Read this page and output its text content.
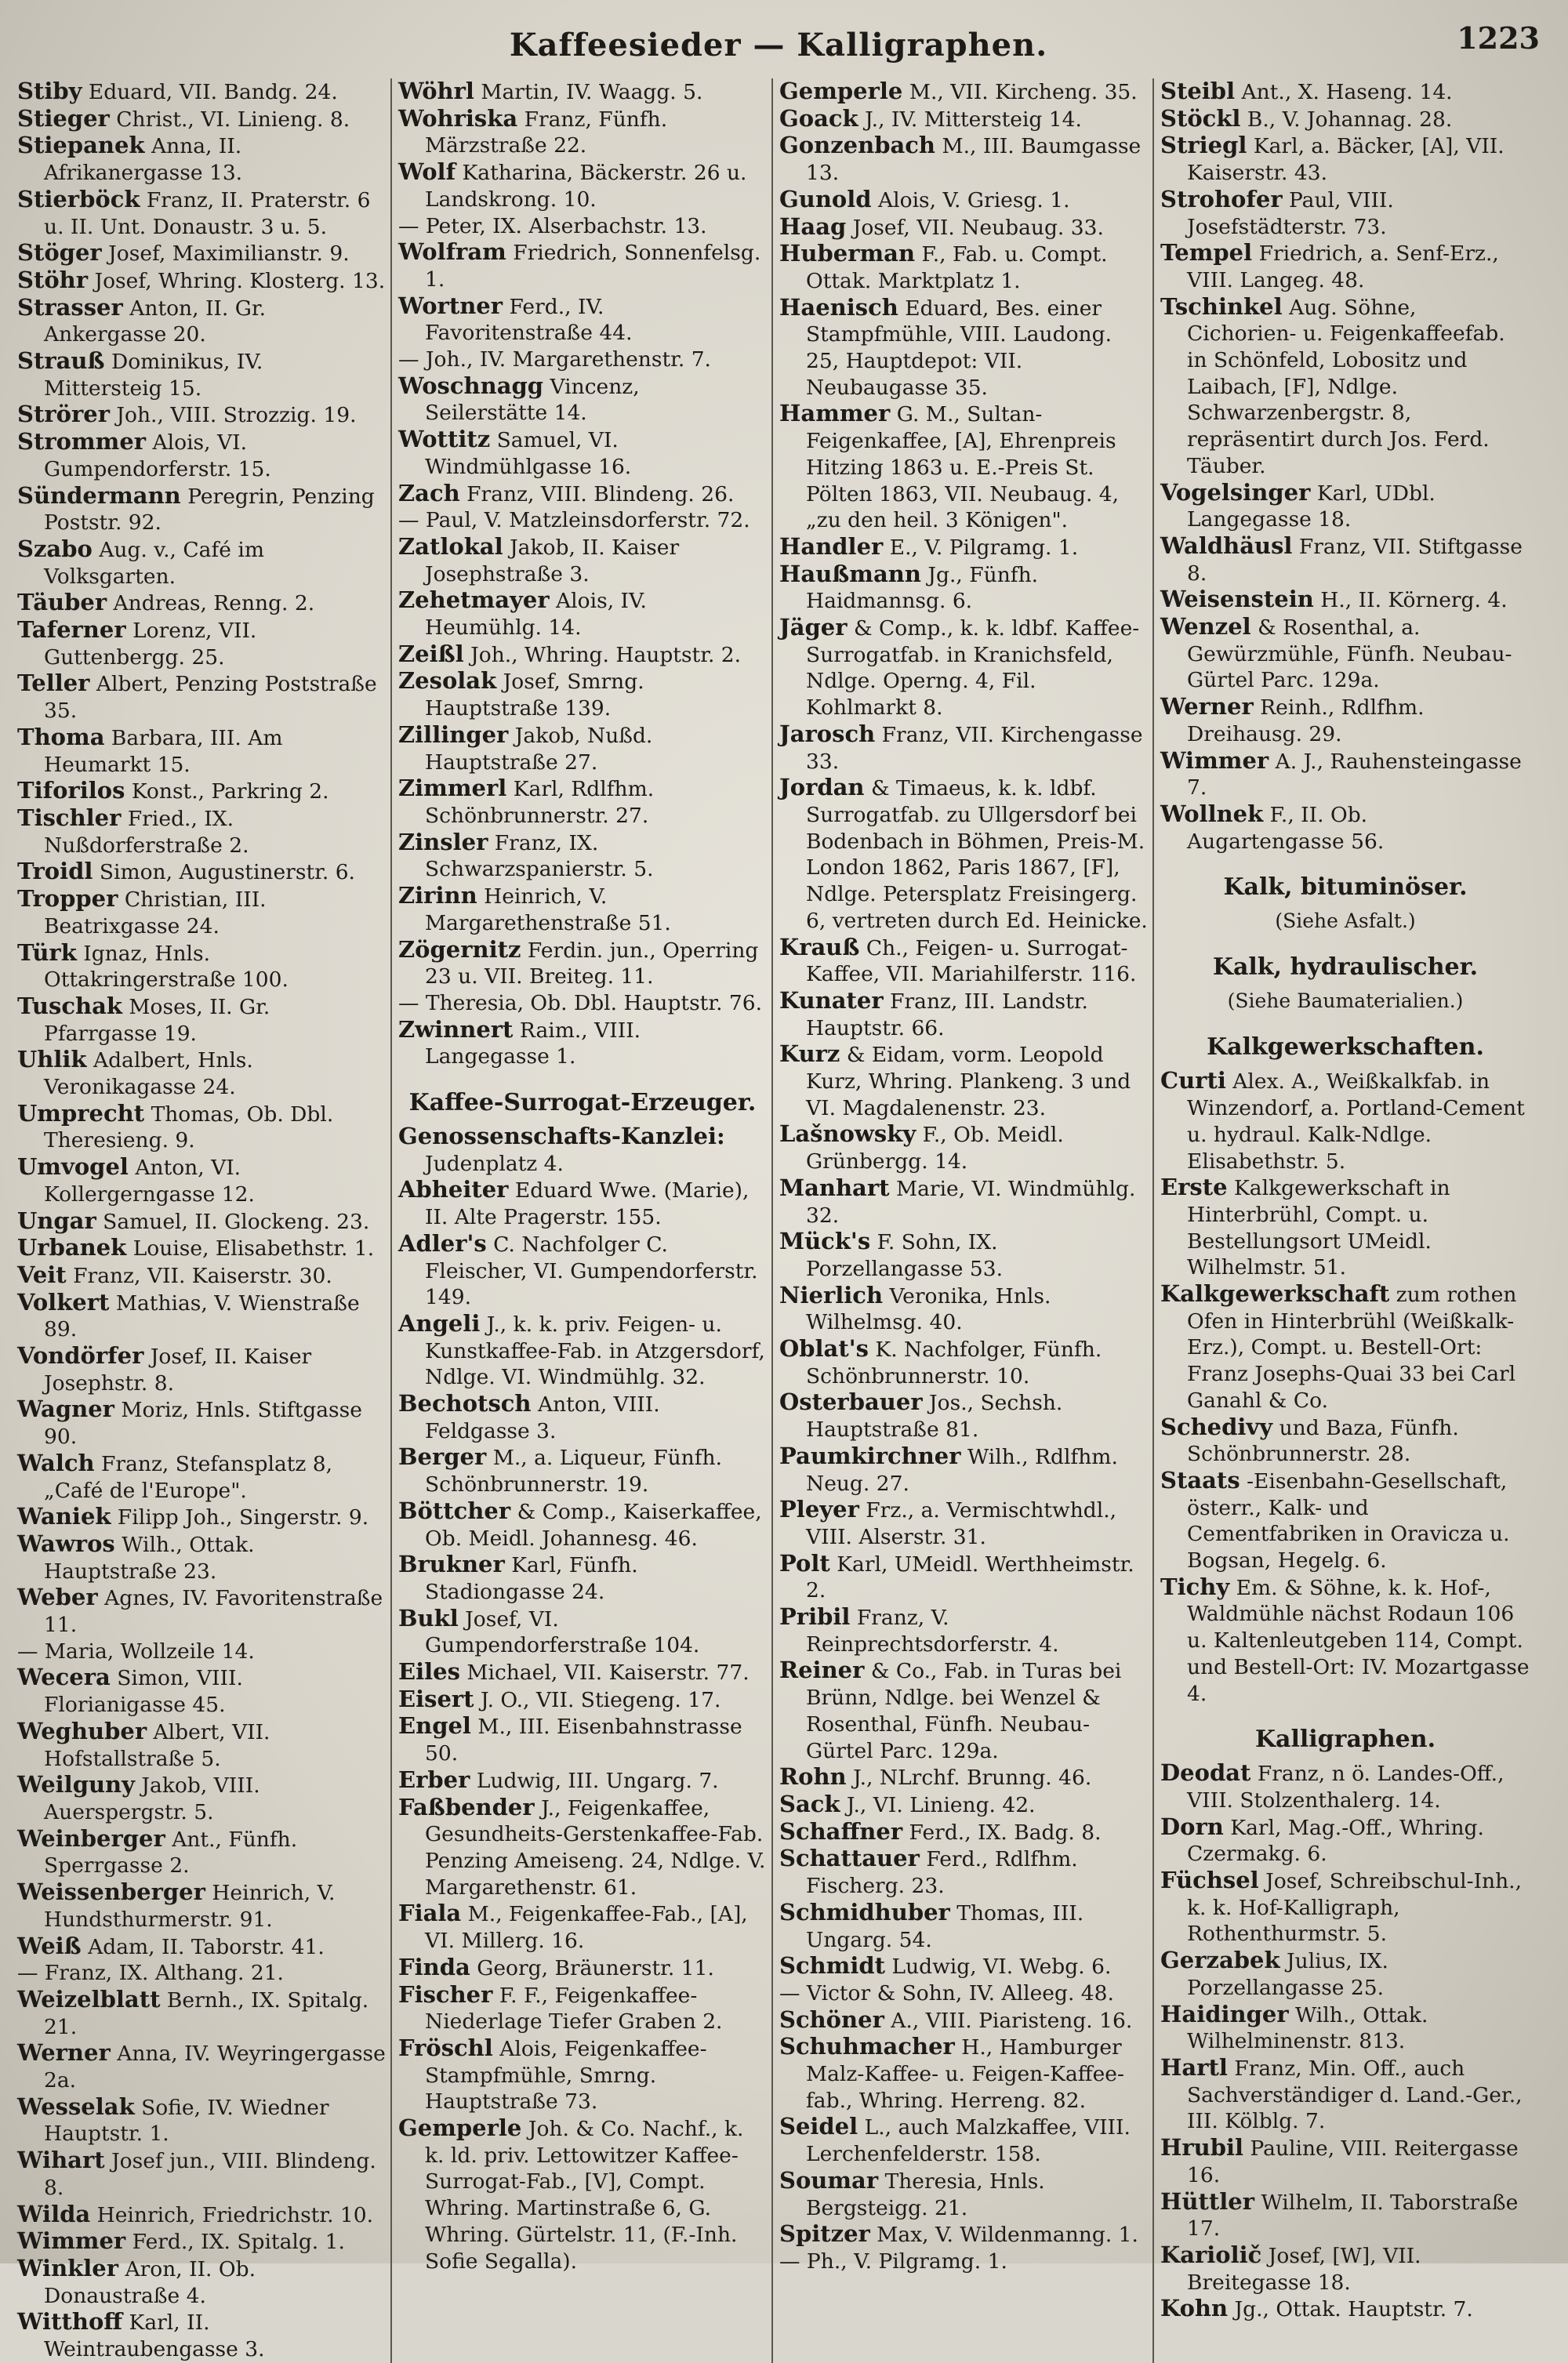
Kaffeesieder — Kalligraphen.	1223

Stiby Eduard, VII. Bandg. 24.

Stieger Christ., VI. Linieng. 8.

Stiepanek Anna, II. Afrikanergasse 13.

Stierböck Franz, II. Praterstr. 6 u. II. Unt. Donaustr. 3 u. 5.

Stöger Josef, Maximilianstr. 9.

Stöhr Josef, Whring. Klosterg. 13.

Strasser Anton, II. Gr. Ankergasse 20.

Strauß Dominikus, IV. Mittersteig 15.

Strörer Joh., VIII. Strozzig. 19.

Strommer Alois, VI. Gumpendorferstr. 15.

Sündermann Peregrin, Penzing Poststr. 92.

Szabo Aug. v., Café im Volksgarten.

Täuber Andreas, Renng. 2.

Taferner Lorenz, VII. Guttenbergg. 25.

Teller Albert, Penzing Poststraße 35.

Thoma Barbara, III. Am Heumarkt 15.

Tiforilos Konst., Parkring 2.

Tischler Fried., IX. Nußdorferstraße 2.

Troidl Simon, Augustinerstr. 6.

Tropper Christian, III. Beatrixgasse 24.

Türk Ignaz, Hnls. Ottakringerstraße 100.

Tuschak Moses, II. Gr. Pfarrgasse 19.

Uhlik Adalbert, Hnls. Veronikagasse 24.

Umprecht Thomas, Ob. Dbl. Theresieng. 9.

Umvogel Anton, VI. Kollergerngasse 12.

Ungar Samuel, II. Glockeng. 23.

Urbanek Louise, Elisabethstr. 1.

Veit Franz, VII. Kaiserstr. 30.

Volkert Mathias, V. Wienstraße 89.

Vondörfer Josef, II. Kaiser Josephstr. 8.

Wagner Moriz, Hnls. Stiftgasse 90.

Walch Franz, Stefansplatz 8, „Café de l'Europe".

Waniek Filipp Joh., Singerstr. 9.

Wawros Wilh., Ottak. Hauptstraße 23.

Weber Agnes, IV. Favoritenstraße 11.

— Maria, Wollzeile 14.

Wecera Simon, VIII. Florianigasse 45.

Weghuber Albert, VII. Hofstallstraße 5.

Weilguny Jakob, VIII. Auerspergstr. 5.

Weinberger Ant., Fünfh. Sperrgasse 2.

Weissenberger Heinrich, V. Hundsthurmerstr. 91.

Weiß Adam, II. Taborstr. 41.

— Franz, IX. Althang. 21.

Weizelblatt Bernh., IX. Spitalg. 21.

Werner Anna, IV. Weyringergasse 2a.

Wesselak Sofie, IV. Wiedner Hauptstr. 1.

Wihart Josef jun., VIII. Blindeng. 8.

Wilda Heinrich, Friedrichstr. 10.

Wimmer Ferd., IX. Spitalg. 1.

Winkler Aron, II. Ob. Donaustraße 4.

Witthoff Karl, II. Weintraubengasse 3.

Wöhrl Martin, IV. Waagg. 5.

Wohriska Franz, Fünfh. Märzstraße 22.

Wolf Katharina, Bäckerstr. 26 u. Landskrong. 10.

— Peter, IX. Alserbachstr. 13.

Wolfram Friedrich, Sonnenfelsg. 1.

Wortner Ferd., IV. Favoritenstraße 44.

— Joh., IV. Margarethenstr. 7.

Woschnagg Vincenz, Seilerstätte 14.

Wottitz Samuel, VI. Windmühlgasse 16.

Zach Franz, VIII. Blindeng. 26.

— Paul, V. Matzleinsdorferstr. 72.

Zatlokal Jakob, II. Kaiser Josephstraße 3.

Zehetmayer Alois, IV. Heumühlg. 14.

Zeißl Joh., Whring. Hauptstr. 2.

Zesolak Josef, Smrng. Hauptstraße 139.

Zillinger Jakob, Nußd. Hauptstraße 27.

Zimmerl Karl, Rdlfhm. Schönbrunnerstr. 27.

Zinsler Franz, IX. Schwarzspanierstr. 5.

Zirinn Heinrich, V. Margarethenstraße 51.

Zögernitz Ferdin. jun., Operring 23 u. VII. Breiteg. 11.

— Theresia, Ob. Dbl. Hauptstr. 76.

Zwinnert Raim., VIII. Langegasse 1.

Kaffee-Surrogat-Erzeuger.

Genossenschafts-Kanzlei: Judenplatz 4.

Abheiter Eduard Wwe. (Marie), II. Alte Pragerstr. 155.

Adler's C. Nachfolger C. Fleischer, VI. Gumpendorferstr. 149.

Angeli J., k. k. priv. Feigen- u. Kunstkaffee-Fab. in Atzgersdorf, Ndlge. VI. Windmühlg. 32.

Bechotsch Anton, VIII. Feldgasse 3.

Berger M., a. Liqueur, Fünfh. Schönbrunnerstr. 19.

Böttcher & Comp., Kaiserkaffee, Ob. Meidl. Johannesg. 46.

Brukner Karl, Fünfh. Stadiongasse 24.

Bukl Josef, VI. Gumpendorferstraße 104.

Eiles Michael, VII. Kaiserstr. 77.

Eisert J. O., VII. Stiegeng. 17.

Engel M., III. Eisenbahnstrasse 50.

Erber Ludwig, III. Ungarg. 7.

Faßbender J., Feigenkaffee, Gesundheits-Gerstenkaffee-Fab. Penzing Ameiseng. 24, Ndlge. V. Margarethenstr. 61.

Fiala M., Feigenkaffee-Fab., [A], VI. Millerg. 16.

Finda Georg, Bräunerstr. 11.

Fischer F. F., Feigenkaffee-Niederlage Tiefer Graben 2.

Fröschl Alois, Feigenkaffee-Stampfmühle, Smrng. Hauptstraße 73.

Gemperle Joh. & Co. Nachf., k. k. ld. priv. Lettowitzer Kaffee-Surrogat-Fab., [V], Compt. Whring. Martinstraße 6, G. Whring. Gürtelstr. 11, (F.-Inh. Sofie Segalla).

Gemperle M., VII. Kircheng. 35.

Goack J., IV. Mittersteig 14.

Gonzenbach M., III. Baumgasse 13.

Gunold Alois, V. Griesg. 1.

Haag Josef, VII. Neubaug. 33.

Huberman F., Fab. u. Compt. Ottak. Marktplatz 1.

Haenisch Eduard, Bes. einer Stampfmühle, VIII. Laudong. 25, Hauptdepot: VII. Neubaugasse 35.

Hammer G. M., Sultan-Feigenkaffee, [A], Ehrenpreis Hitzing 1863 u. E.-Preis St. Pölten 1863, VII. Neubaug. 4, „zu den heil. 3 Königen".

Handler E., V. Pilgramg. 1.

Haußmann Jg., Fünfh. Haidmannsg. 6.

Jäger & Comp., k. k. ldbf. Kaffee-Surrogatfab. in Kranichsfeld, Ndlge. Operng. 4, Fil. Kohlmarkt 8.

Jarosch Franz, VII. Kirchengasse 33.

Jordan & Timaeus, k. k. ldbf. Surrogatfab. zu Ullgersdorf bei Bodenbach in Böhmen, Preis-M. London 1862, Paris 1867, [F], Ndlge. Petersplatz Freisingerg. 6, vertreten durch Ed. Heinicke.

Krauß Ch., Feigen- u. Surrogat-Kaffee, VII. Mariahilferstr. 116.

Kunater Franz, III. Landstr. Hauptstr. 66.

Kurz & Eidam, vorm. Leopold Kurz, Whring. Plankeng. 3 und VI. Magdalenenstr. 23.

Lašnowsky F., Ob. Meidl. Grünbergg. 14.

Manhart Marie, VI. Windmühlg. 32.

Mück's F. Sohn, IX. Porzellangasse 53.

Nierlich Veronika, Hnls. Wilhelmsg. 40.

Oblat's K. Nachfolger, Fünfh. Schönbrunnerstr. 10.

Osterbauer Jos., Sechsh. Hauptstraße 81.

Paumkirchner Wilh., Rdlfhm. Neug. 27.

Pleyer Frz., a. Vermischtwhdl., VIII. Alserstr. 31.

Polt Karl, UMeidl. Werthheimstr. 2.

Pribil Franz, V. Reinprechtsdorferstr. 4.

Reiner & Co., Fab. in Turas bei Brünn, Ndlge. bei Wenzel & Rosenthal, Fünfh. Neubau-Gürtel Parc. 129a.

Rohn J., NLrchf. Brunng. 46.

Sack J., VI. Linieng. 42.

Schaffner Ferd., IX. Badg. 8.

Schattauer Ferd., Rdlfhm. Fischerg. 23.

Schmidhuber Thomas, III. Ungarg. 54.

Schmidt Ludwig, VI. Webg. 6.

— Victor & Sohn, IV. Alleeg. 48.

Schöner A., VIII. Piaristeng. 16.

Schuhmacher H., Hamburger Malz-Kaffee- u. Feigen-Kaffee-fab., Whring. Herreng. 82.

Seidel L., auch Malzkaffee, VIII. Lerchenfelderstr. 158.

Soumar Theresia, Hnls. Bergsteigg. 21.

Spitzer Max, V. Wildenmanng. 1.

— Ph., V. Pilgramg. 1.

Steibl Ant., X. Haseng. 14.

Stöckl B., V. Johannag. 28.

Striegl Karl, a. Bäcker, [A], VII. Kaiserstr. 43.

Strohofer Paul, VIII. Josefstädterstr. 73.

Tempel Friedrich, a. Senf-Erz., VIII. Langeg. 48.

Tschinkel Aug. Söhne, Cichorien- u. Feigenkaffeefab. in Schönfeld, Lobositz und Laibach, [F], Ndlge. Schwarzenbergstr. 8, repräsentirt durch Jos. Ferd. Täuber.

Vogelsinger Karl, UDbl. Langegasse 18.

Waldhäusl Franz, VII. Stiftgasse 8.

Weisenstein H., II. Körnerg. 4.

Wenzel & Rosenthal, a. Gewürzmühle, Fünfh. Neubau-Gürtel Parc. 129a.

Werner Reinh., Rdlfhm. Dreihausg. 29.

Wimmer A. J., Rauhensteingasse 7.

Wollnek F., II. Ob. Augartengasse 56.

Kalk, bituminöser.
(Siehe Asfalt.)
Kalk, hydraulischer.
(Siehe Baumaterialien.)
Kalkgewerkschaften.

Curti Alex. A., Weißkalkfab. in Winzendorf, a. Portland-Cement u. hydraul. Kalk-Ndlge. Elisabethstr. 5.

Erste Kalkgewerkschaft in Hinterbrühl, Compt. u. Bestellungsort UMeidl. Wilhelmstr. 51.

Kalkgewerkschaft zum rothen Ofen in Hinterbrühl (Weißkalk-Erz.), Compt. u. Bestell-Ort: Franz Josephs-Quai 33 bei Carl Ganahl & Co.

Schedivy und Baza, Fünfh. Schönbrunnerstr. 28.

Staats -Eisenbahn-Gesellschaft, österr., Kalk- und Cementfabriken in Oravicza u. Bogsan, Hegelg. 6.

Tichy Em. & Söhne, k. k. Hof-, Waldmühle nächst Rodaun 106 u. Kaltenleutgeben 114, Compt. und Bestell-Ort: IV. Mozartgasse 4.

Kalligraphen.

Deodat Franz, n ö. Landes-Off., VIII. Stolzenthalerg. 14.

Dorn Karl, Mag.-Off., Whring. Czermakg. 6.

Füchsel Josef, Schreibschul-Inh., k. k. Hof-Kalligraph, Rothenthurmstr. 5.

Gerzabek Julius, IX. Porzellangasse 25.

Haidinger Wilh., Ottak. Wilhelminenstr. 813.

Hartl Franz, Min. Off., auch Sachverständiger d. Land.-Ger., III. Kölblg. 7.

Hrubil Pauline, VIII. Reitergasse 16.

Hüttler Wilhelm, II. Taborstraße 17.

Kariolič Josef, [W], VII. Breitegasse 18.

Kohn Jg., Ottak. Hauptstr. 7.
